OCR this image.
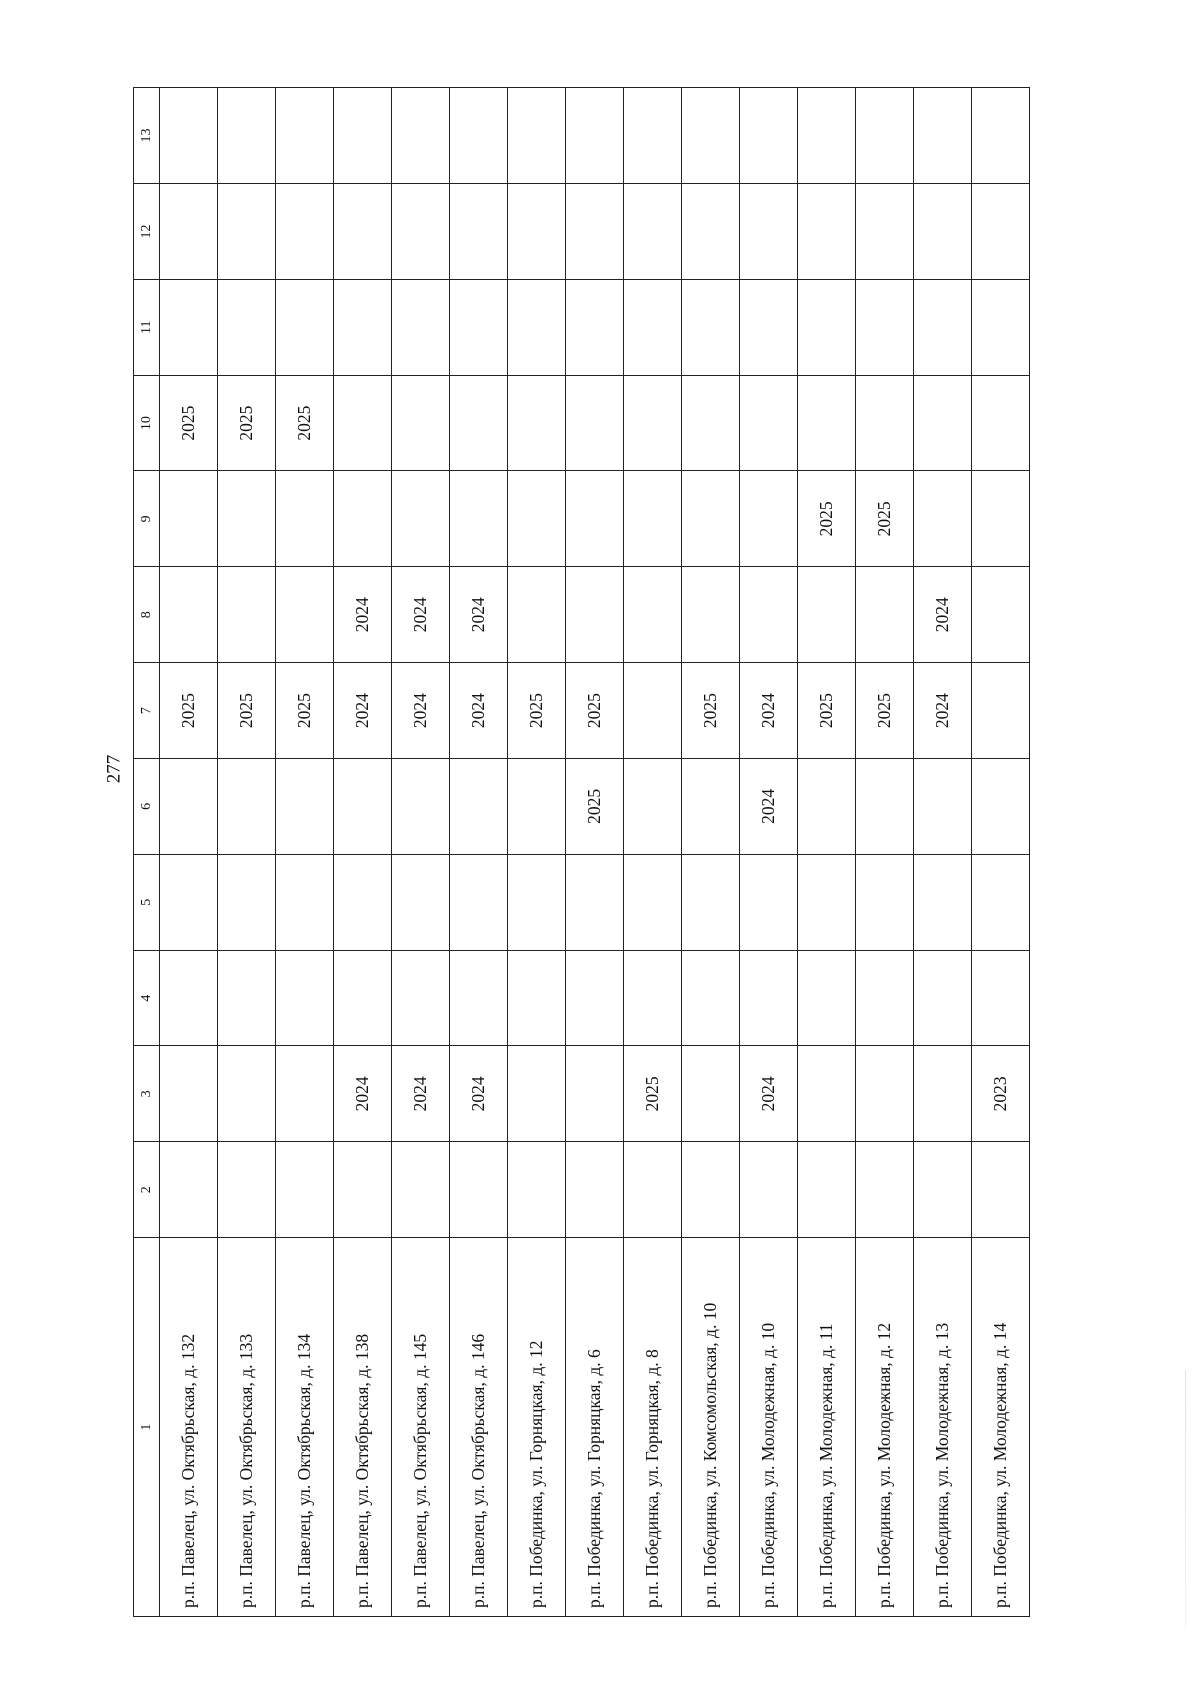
277
1	2	3	4	5	6	7	8	9	10	11	12	13
р.п. Павелец, ул. Октябрьская, д. 132						2025			2025			
р.п. Павелец, ул. Октябрьская, д. 133						2025			2025			
р.п. Павелец, ул. Октябрьская, д. 134						2025			2025			
р.п. Павелец, ул. Октябрьская, д. 138		2024				2024	2024					
р.п. Павелец, ул. Октябрьская, д. 145		2024				2024	2024					
р.п. Павелец, ул. Октябрьская, д. 146		2024				2024	2024					
р.п. Побединка, ул. Горняцкая, д. 12						2025						
р.п. Побединка, ул. Горняцкая, д. 6					2025	2025						
р.п. Побединка, ул. Горняцкая, д. 8		2025										
р.п. Побединка, ул. Комсомольская, д. 10						2025						
р.п. Побединка, ул. Молодежная, д. 10		2024			2024	2024						
р.п. Побединка, ул. Молодежная, д. 11						2025		2025				
р.п. Побединка, ул. Молодежная, д. 12						2025		2025				
р.п. Побединка, ул. Молодежная, д. 13						2024	2024					
р.п. Побединка, ул. Молодежная, д. 14		2023										
